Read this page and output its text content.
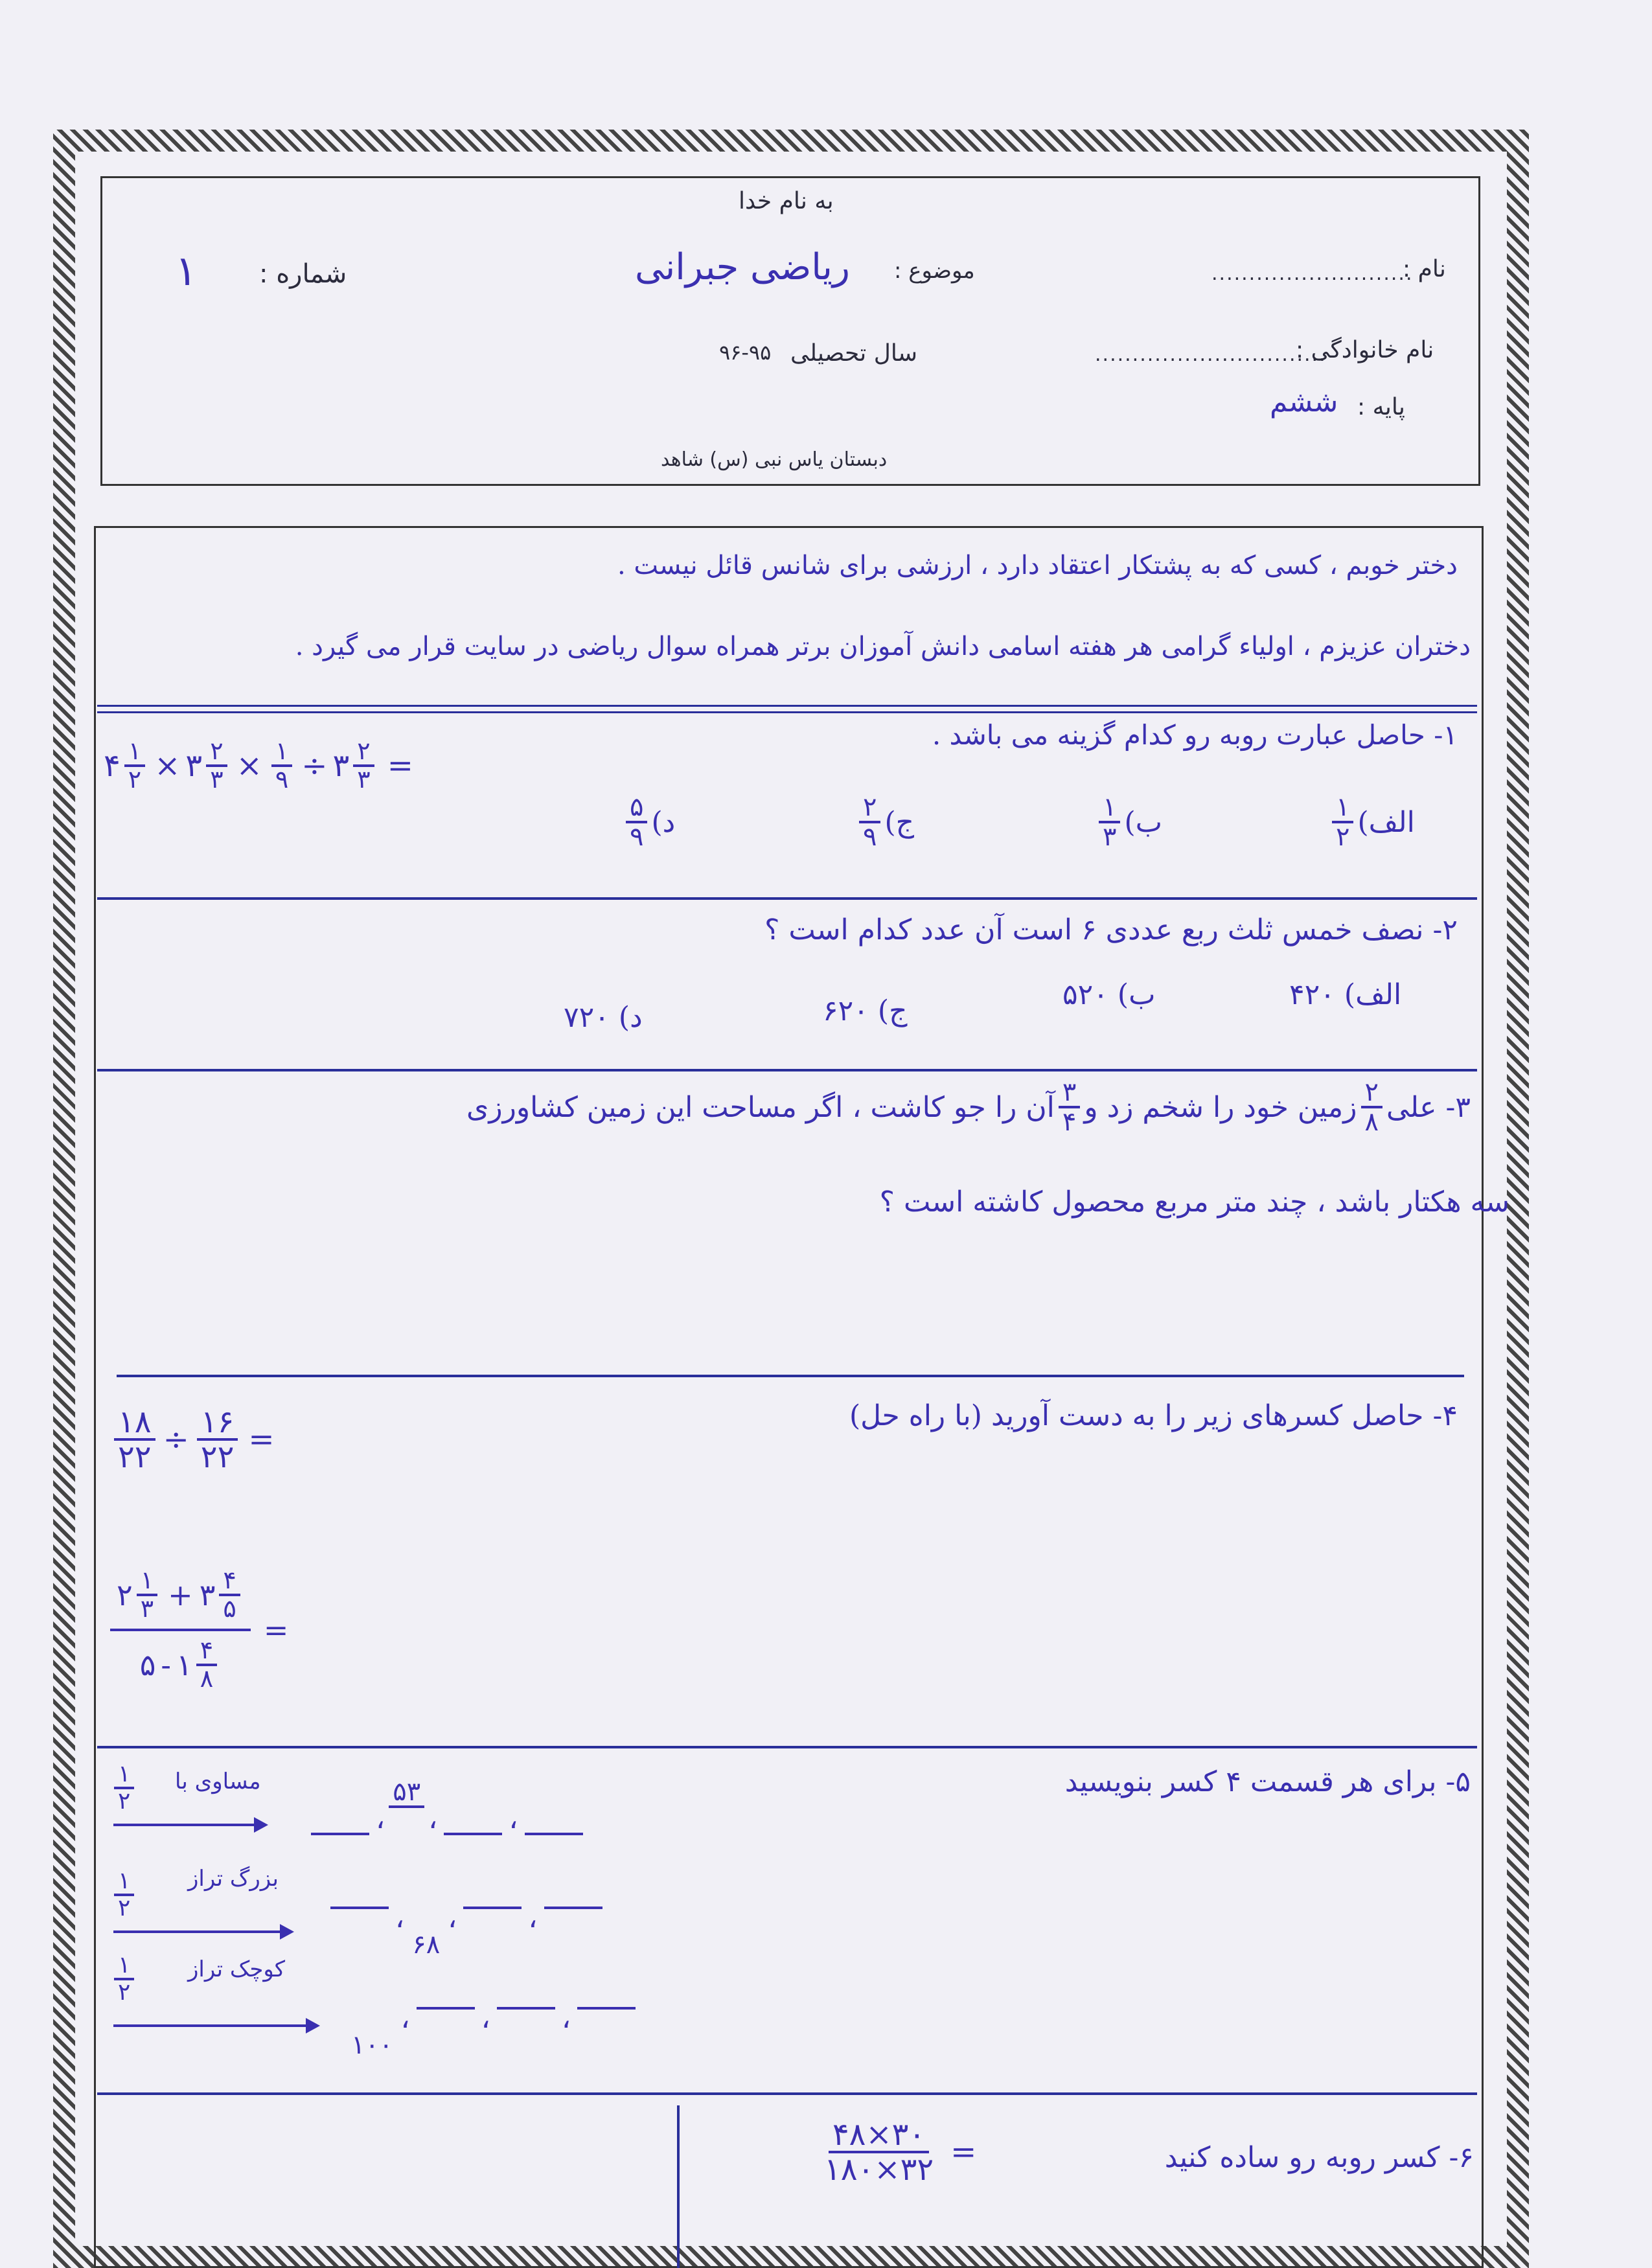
به نام خدا
موضوع :
ریاضی جبرانی
۱ شماره :	...........................
نام :
...............................
نام خانوادگی :
سال تحصیلی
۹۶-۹۵
پایه :
ششم
دبستان یاس نبی (س) شاهد
دختر خوبم ، کسی که به پشتکار اعتقاد دارد ، ارزشی برای شانس قائل نیست .
دختران عزیزم ، اولیاء گرامی هر هفته اسامی دانش آموزان برتر همراه سوال ریاضی در سایت قرار می گیرد .
۱- حاصل عبارت روبه رو کدام گزینه می باشد .
۴ $\frac{۱}{۲}$ × ۳ $\frac{۲}{۳} \times \frac{۱}{۹}$ ÷ ۳ $\frac{۲}{۳}$ =
الف)
$\frac{۱}{۲}$
ب)
$\frac{۱}{۳}$
ج)
$\frac{۲}{۹}$
د)
$\frac{۵}{۹}$
۲- نصف خمس ثلث ربع عددی ۶ است آن عدد کدام است ؟
الف) ۴۲۰
ب) ۵۲۰
ج) ۶۲۰
د) ۷۲۰
۳- علی
$\frac{۲}{۸}$
زمین خود را شخم زد و
$\frac{۳}{۴}$
آن را جو کاشت ، اگر مساحت این زمین کشاورزی
سه هکتار باشد ، چند متر مربع محصول کاشته است ؟
۴- حاصل کسرهای زیر را به دست آورید (با راه حل)
$\frac{۱۸}{۲۲} \div \frac{۱۶}{۲۲}$ =
۲ $\frac{۱}{۳}$ + ۳ $\frac{۴}{۵}$
۵ - ۱ $\frac{۴}{۸}$
=
۵- برای هر قسمت ۴ کسر بنویسید
$\frac{۱}{۲}$ مساوی با
،
۵۳
،	،
$\frac{۱}{۲}$ بزرگ تراز
،
۶۸
،	،
$\frac{۱}{۲}$ کوچک تراز
۱۰۰
،	،	،
۶- کسر روبه رو ساده کنید
$\frac{۴۸\times ۳۰}{۱۸۰\times ۳۲}$ =
